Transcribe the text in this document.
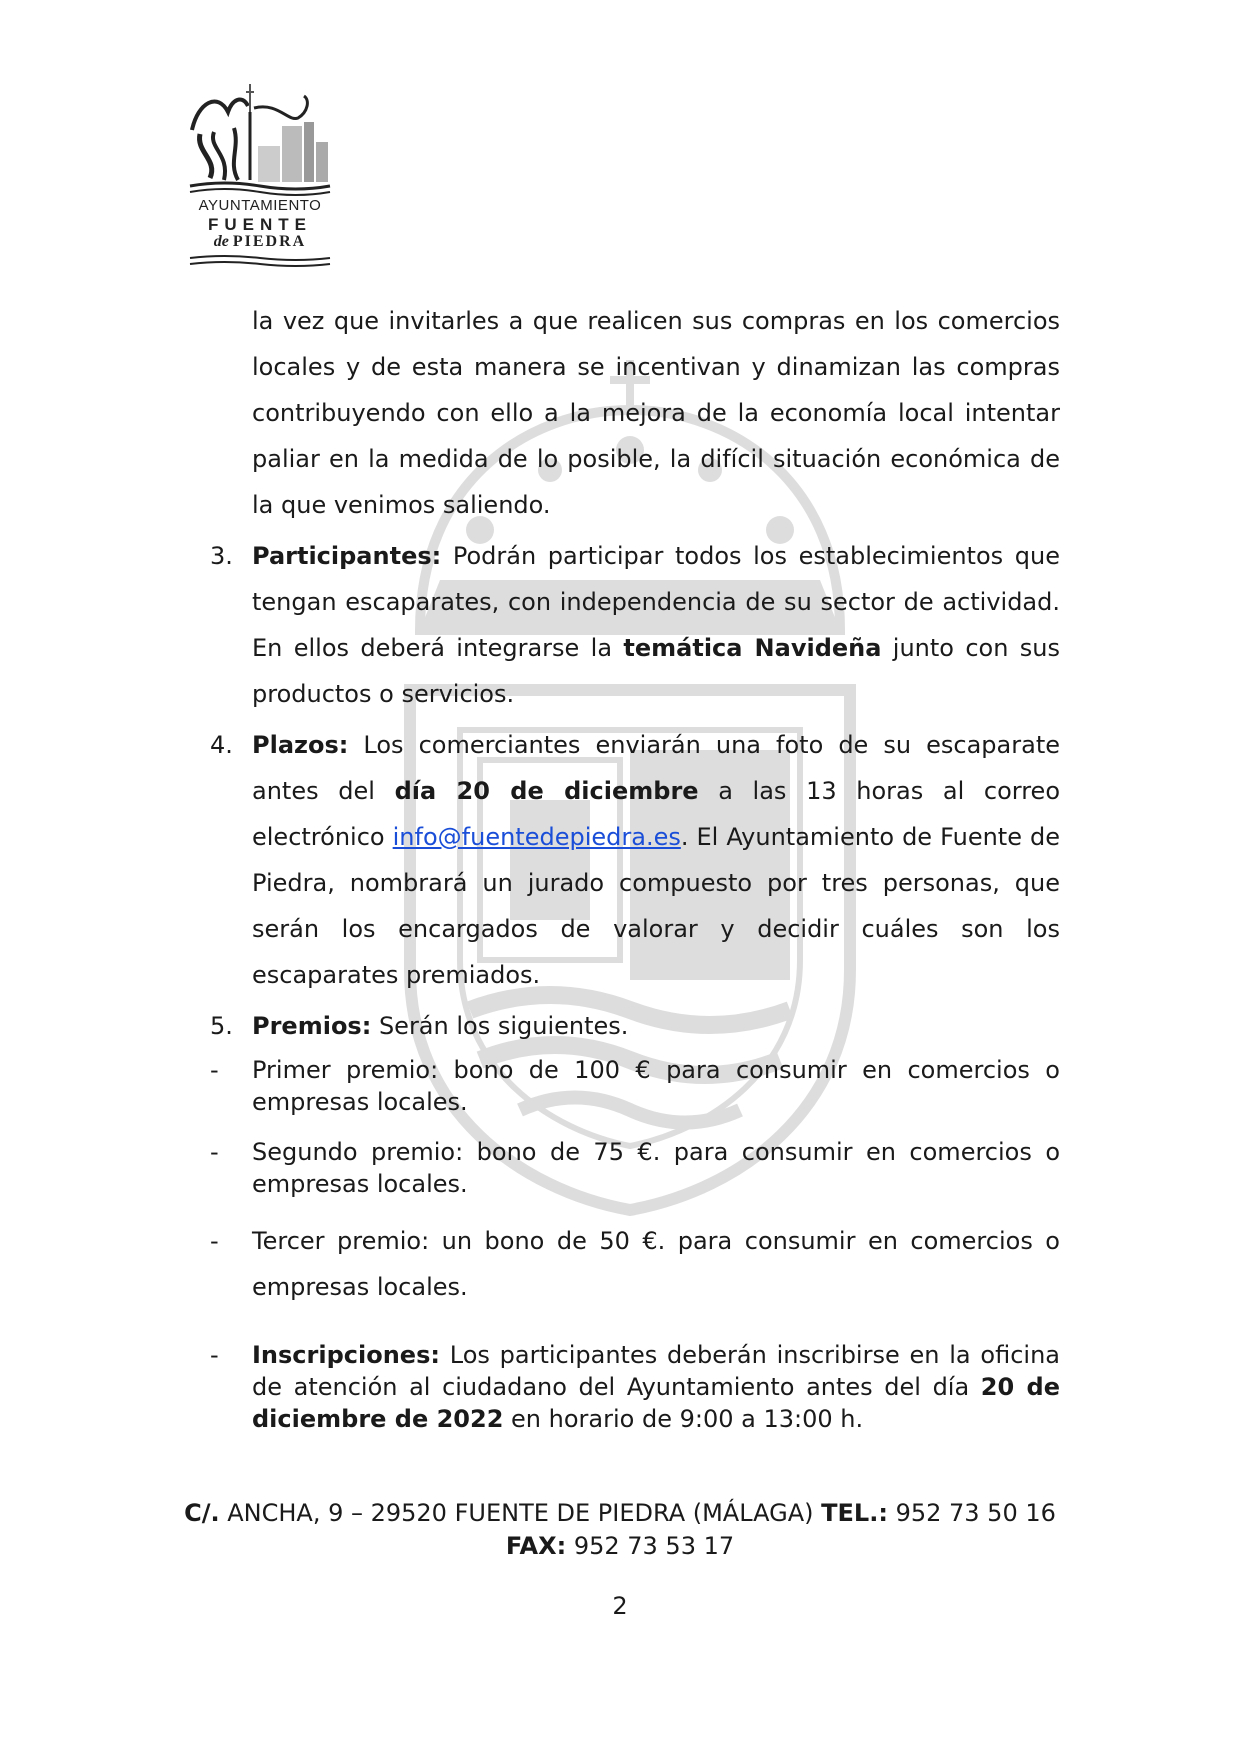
AYUNTAMIENTO
FUENTE
de PIEDRA

la vez que invitarles a que realicen sus compras en los comercios locales y de esta manera se incentivan y dinamizan las compras contribuyendo con ello a la mejora de la economía local intentar paliar en la medida de lo posible, la difícil situación económica de la que venimos saliendo.

3. Participantes: Podrán participar todos los establecimientos que tengan escaparates, con independencia de su sector de actividad. En ellos deberá integrarse la temática Navideña junto con sus productos o servicios.

4. Plazos: Los comerciantes enviarán una foto de su escaparate antes del día 20 de diciembre a las 13 horas al correo electrónico info@fuentedepiedra.es. El Ayuntamiento de Fuente de Piedra, nombrará un jurado compuesto por tres personas, que serán los encargados de valorar y decidir cuáles son los escaparates premiados.

5. Premios: Serán los siguientes.

- Primer premio: bono de 100 € para consumir en comercios o empresas locales.

- Segundo premio: bono de 75 €. para consumir en comercios o empresas locales.

- Tercer premio: un bono de 50 €. para consumir en comercios o empresas locales.

- Inscripciones: Los participantes deberán inscribirse en la oficina de atención al ciudadano del Ayuntamiento antes del día 20 de diciembre de 2022 en horario de 9:00 a 13:00 h.

C/. ANCHA, 9 – 29520 FUENTE DE PIEDRA (MÁLAGA) TEL.: 952 73 50 16
FAX: 952 73 53 17
2
